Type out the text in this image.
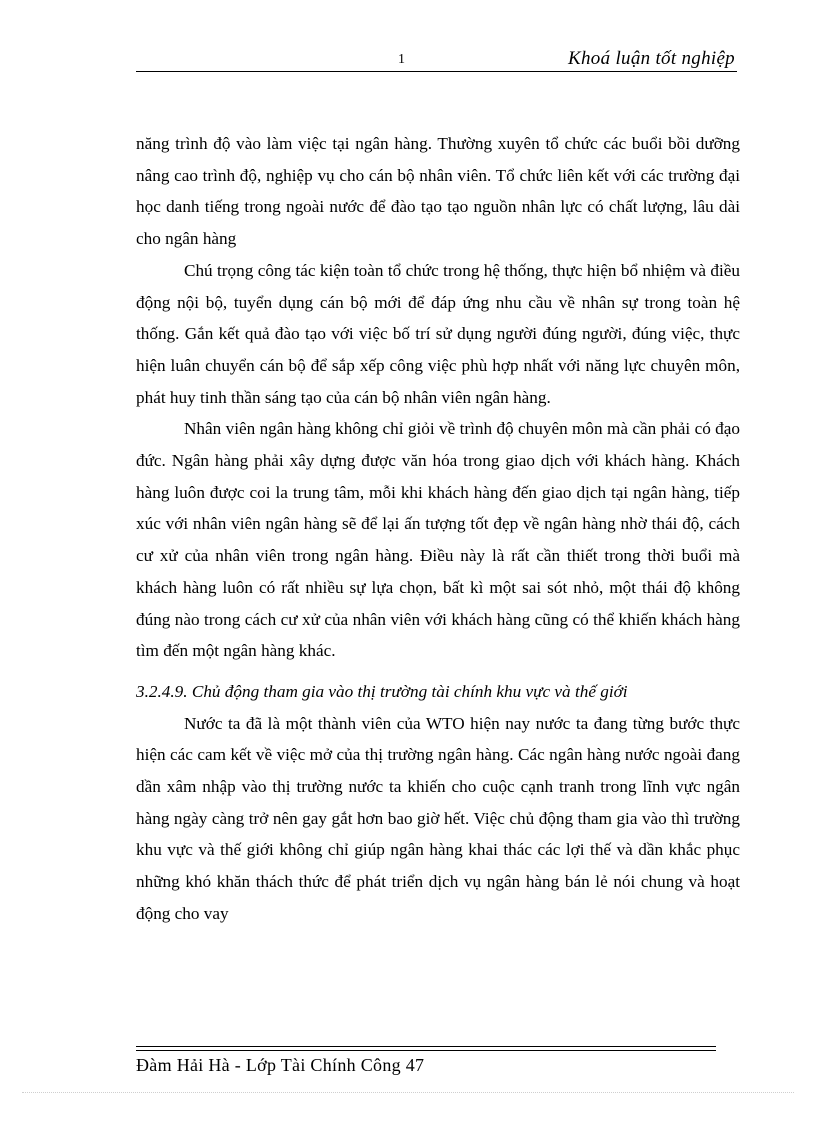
1	Khoá luận tốt nghiệp

năng trình độ vào làm việc tại ngân hàng. Thường xuyên tổ chức các buổi bồi dưỡng nâng cao trình độ, nghiệp vụ cho cán bộ nhân viên. Tổ chức liên kết với các trường đại học danh tiếng trong ngoài nước để đào tạo tạo nguồn nhân lực có chất lượng, lâu dài cho ngân hàng

Chú trọng công tác kiện toàn tổ chức trong hệ thống, thực hiện bổ nhiệm và điều động nội bộ, tuyển dụng cán bộ mới để đáp ứng nhu cầu về nhân sự trong toàn hệ thống. Gắn kết quả đào tạo với việc bố trí sử dụng người đúng người, đúng việc, thực hiện luân chuyển cán bộ để sắp xếp công việc phù hợp nhất với năng lực chuyên môn, phát huy tinh thần sáng tạo của cán bộ nhân viên ngân hàng.

Nhân viên ngân hàng không chỉ giỏi về trình độ chuyên môn mà cần phải có đạo đức. Ngân hàng phải xây dựng được văn hóa trong giao dịch với khách hàng. Khách hàng luôn được coi la trung tâm, mỗi khi khách hàng đến giao dịch tại ngân hàng, tiếp xúc với nhân viên ngân hàng sẽ để lại ấn tượng tốt đẹp về ngân hàng nhờ thái độ, cách cư xử của nhân viên trong ngân hàng. Điều này là rất cần thiết trong thời buổi mà khách hàng luôn có rất nhiều sự lựa chọn, bất kì một sai sót nhỏ, một thái độ không đúng nào trong cách cư xử của nhân viên với khách hàng cũng có thể khiến khách hàng tìm đến một ngân hàng khác.

3.2.4.9. Chủ động tham gia vào thị trường tài chính khu vực và thế giới

Nước ta đã là một thành viên của WTO hiện nay nước ta đang từng bước thực hiện các cam kết về việc mở của thị trường ngân hàng. Các ngân hàng nước ngoài đang dần xâm nhập vào thị trường nước ta khiến cho cuộc cạnh tranh trong lĩnh vực ngân hàng ngày càng trở nên gay gắt hơn bao giờ hết. Việc chủ động tham gia vào thì trường khu vực và thế giới không chỉ giúp ngân hàng khai thác các lợi thế và dần khắc phục những khó khăn thách thức để phát triển dịch vụ ngân hàng bán lẻ nói chung và hoạt động cho vay

Đàm Hải Hà - Lớp Tài Chính Công 47
